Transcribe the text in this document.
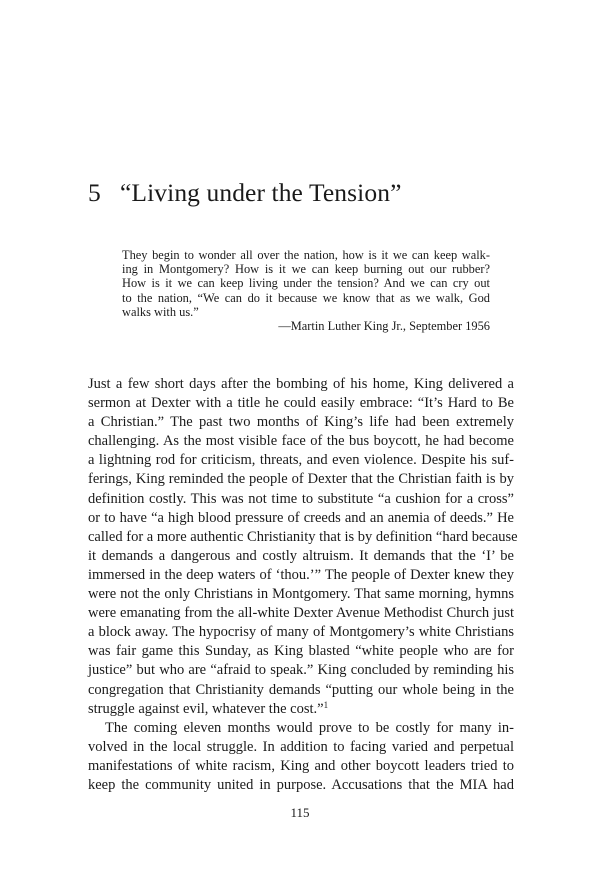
5 “Living under the Tension”
They begin to wonder all over the nation, how is it we can keep walk-
ing in Montgomery? How is it we can keep burning out our rubber?
How is it we can keep living under the tension? And we can cry out
to the nation, “We can do it because we know that as we walk, God
walks with us.”
—Martin Luther King Jr., September 1956
Just a few short days after the bombing of his home, King delivered a
sermon at Dexter with a title he could easily embrace: “It’s Hard to Be
a Christian.” The past two months of King’s life had been extremely
challenging. As the most visible face of the bus boycott, he had become
a lightning rod for criticism, threats, and even violence. Despite his suf-
ferings, King reminded the people of Dexter that the Christian faith is by
definition costly. This was not time to substitute “a cushion for a cross”
or to have “a high blood pressure of creeds and an anemia of deeds.” He
called for a more authentic Christianity that is by definition “hard because
it demands a dangerous and costly altruism. It demands that the ‘I’ be
immersed in the deep waters of ‘thou.’” The people of Dexter knew they
were not the only Christians in Montgomery. That same morning, hymns
were emanating from the all-white Dexter Avenue Methodist Church just
a block away. The hypocrisy of many of Montgomery’s white Christians
was fair game this Sunday, as King blasted “white people who are for
justice” but who are “afraid to speak.” King concluded by reminding his
congregation that Christianity demands “putting our whole being in the
struggle against evil, whatever the cost.”$^1$
The coming eleven months would prove to be costly for many in-
volved in the local struggle. In addition to facing varied and perpetual
manifestations of white racism, King and other boycott leaders tried to
keep the community united in purpose. Accusations that the MIA had
115
